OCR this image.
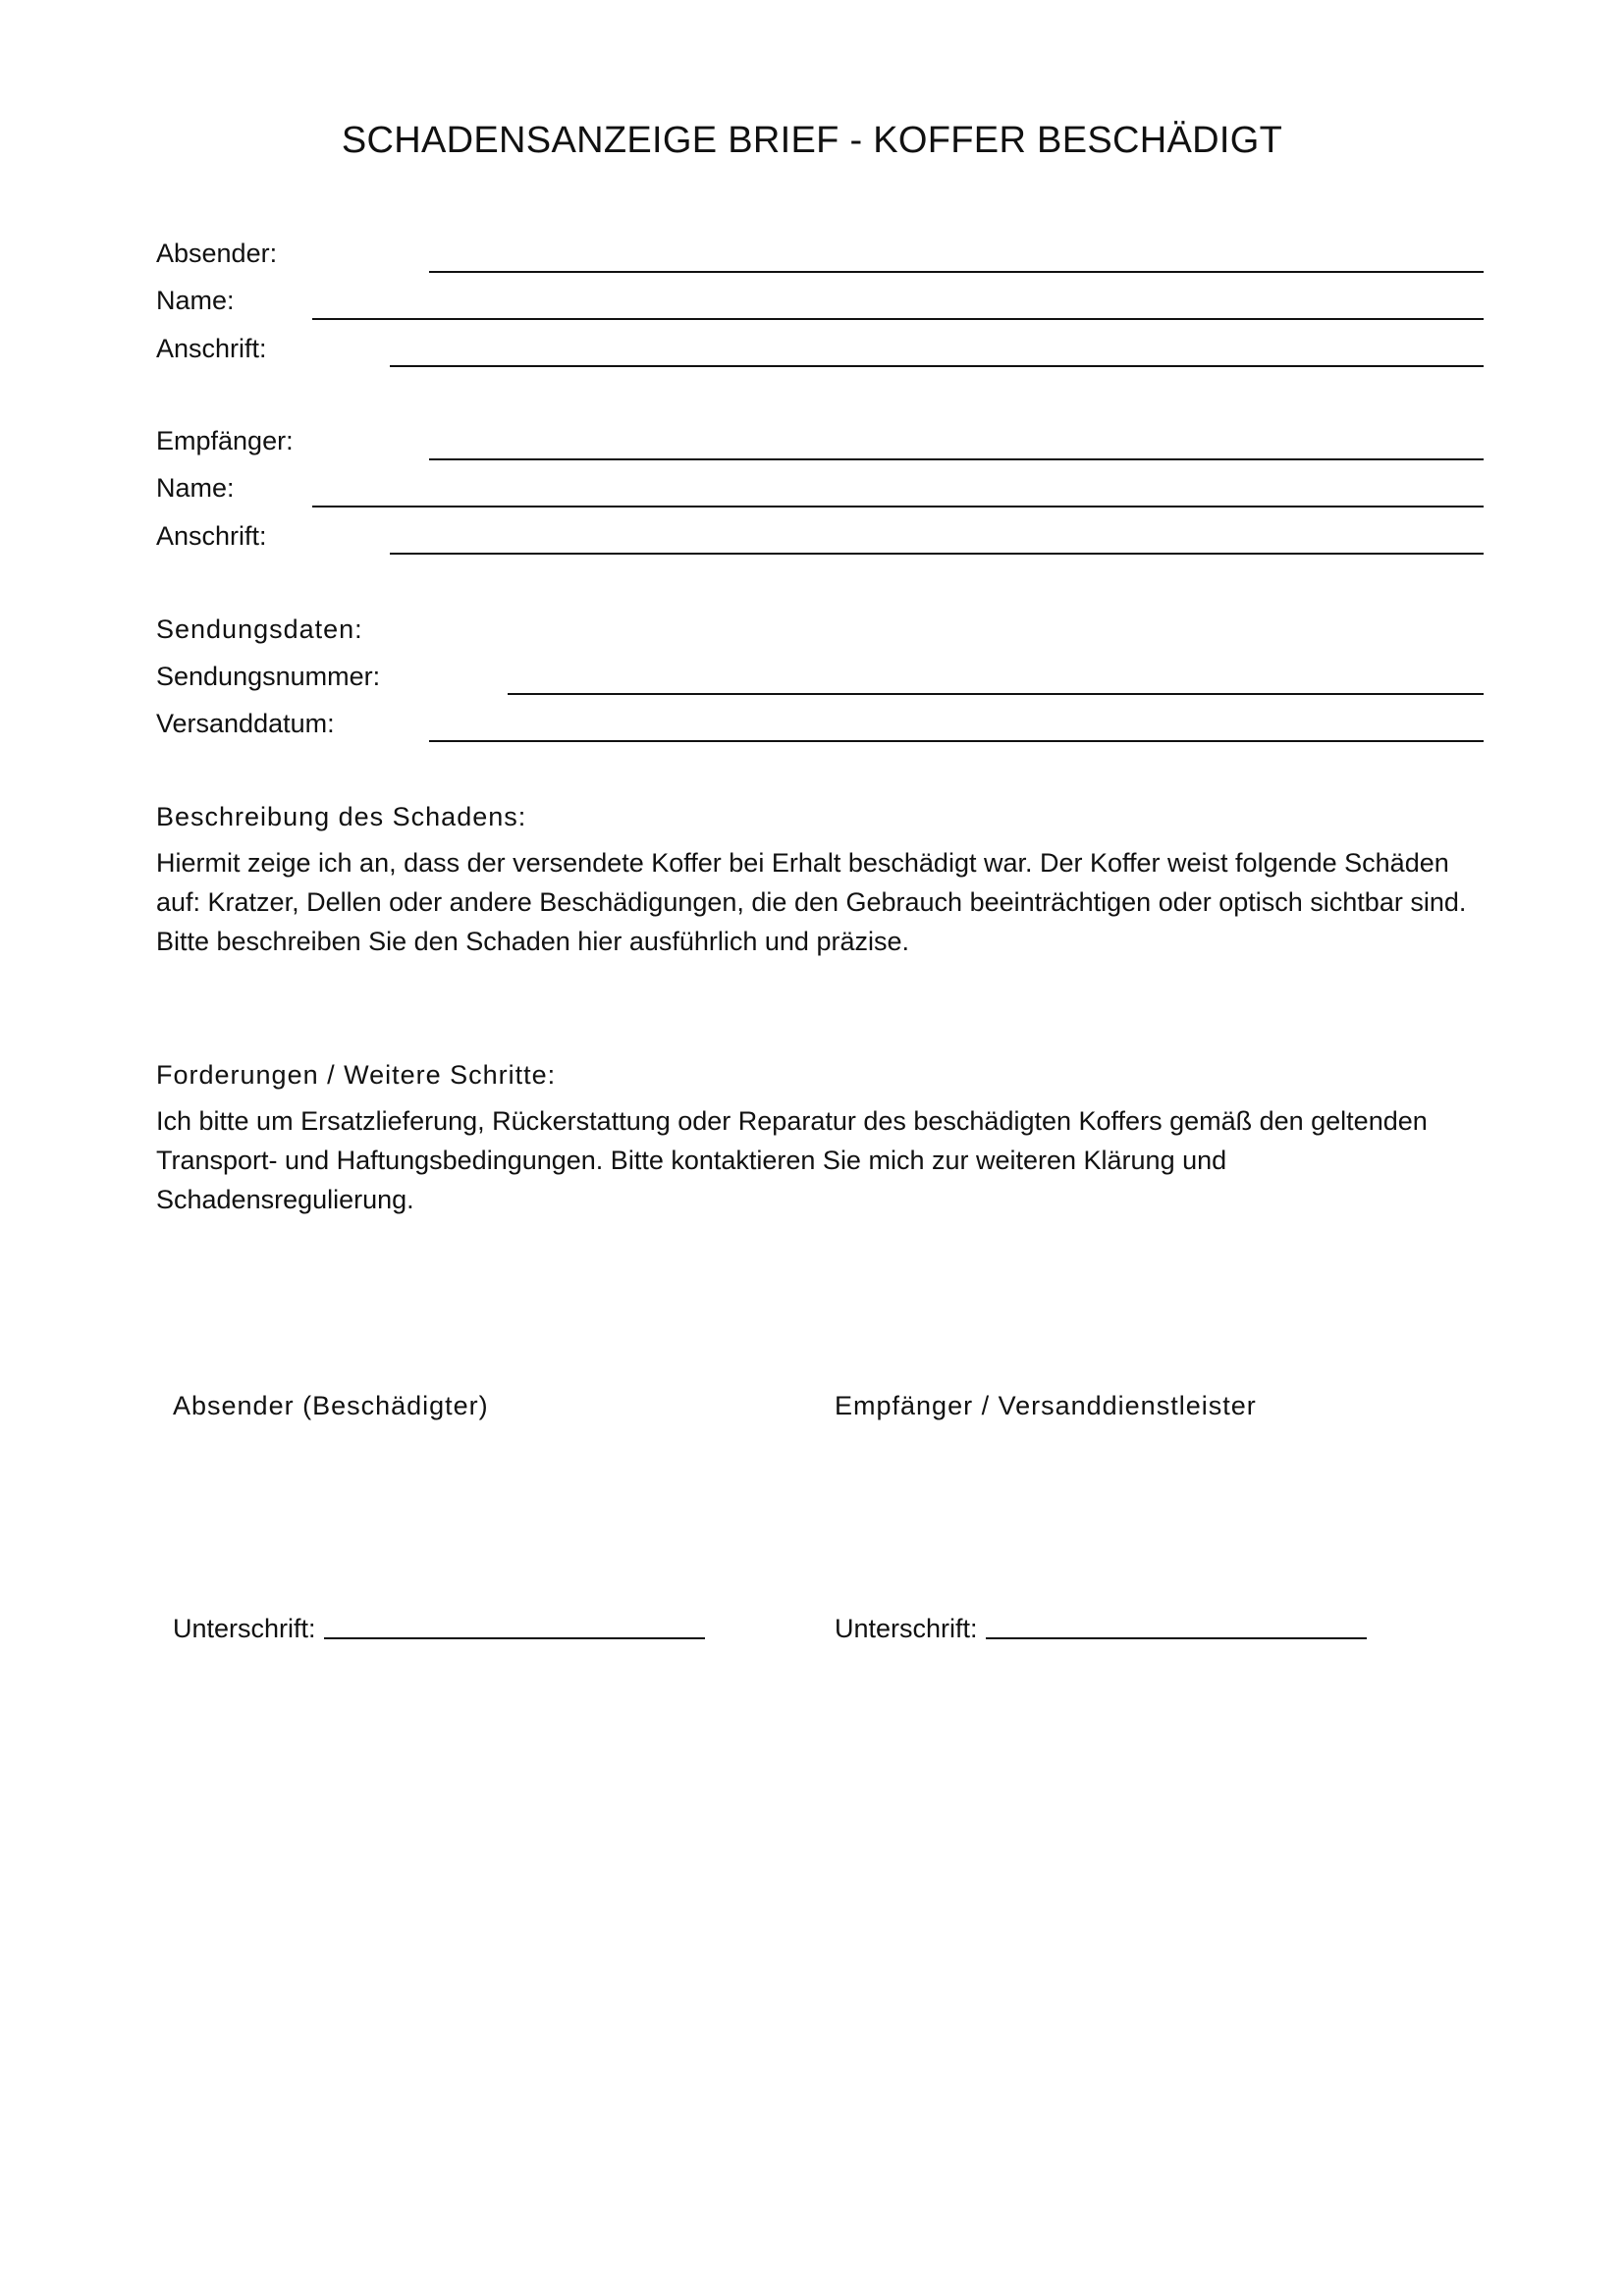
SCHADENSANZEIGE BRIEF - KOFFER BESCHÄDIGT
Absender:
Name:
Anschrift:
Empfänger:
Name:
Anschrift:
Sendungsdaten:
Sendungsnummer:
Versanddatum:
Beschreibung des Schadens:

Hiermit zeige ich an, dass der versendete Koffer bei Erhalt beschädigt war. Der Koffer weist folgende Schäden auf: Kratzer, Dellen oder andere Beschädigungen, die den Gebrauch beeinträchtigen oder optisch sichtbar sind. Bitte beschreiben Sie den Schaden hier ausführlich und präzise.

Forderungen / Weitere Schritte:

Ich bitte um Ersatzlieferung, Rückerstattung oder Reparatur des beschädigten Koffers gemäß den geltenden Transport- und Haftungsbedingungen. Bitte kontaktieren Sie mich zur weiteren Klärung und Schadensregulierung.

Absender (Beschädigter)	Empfänger / Versanddienstleister
Unterschrift:	Unterschrift:
